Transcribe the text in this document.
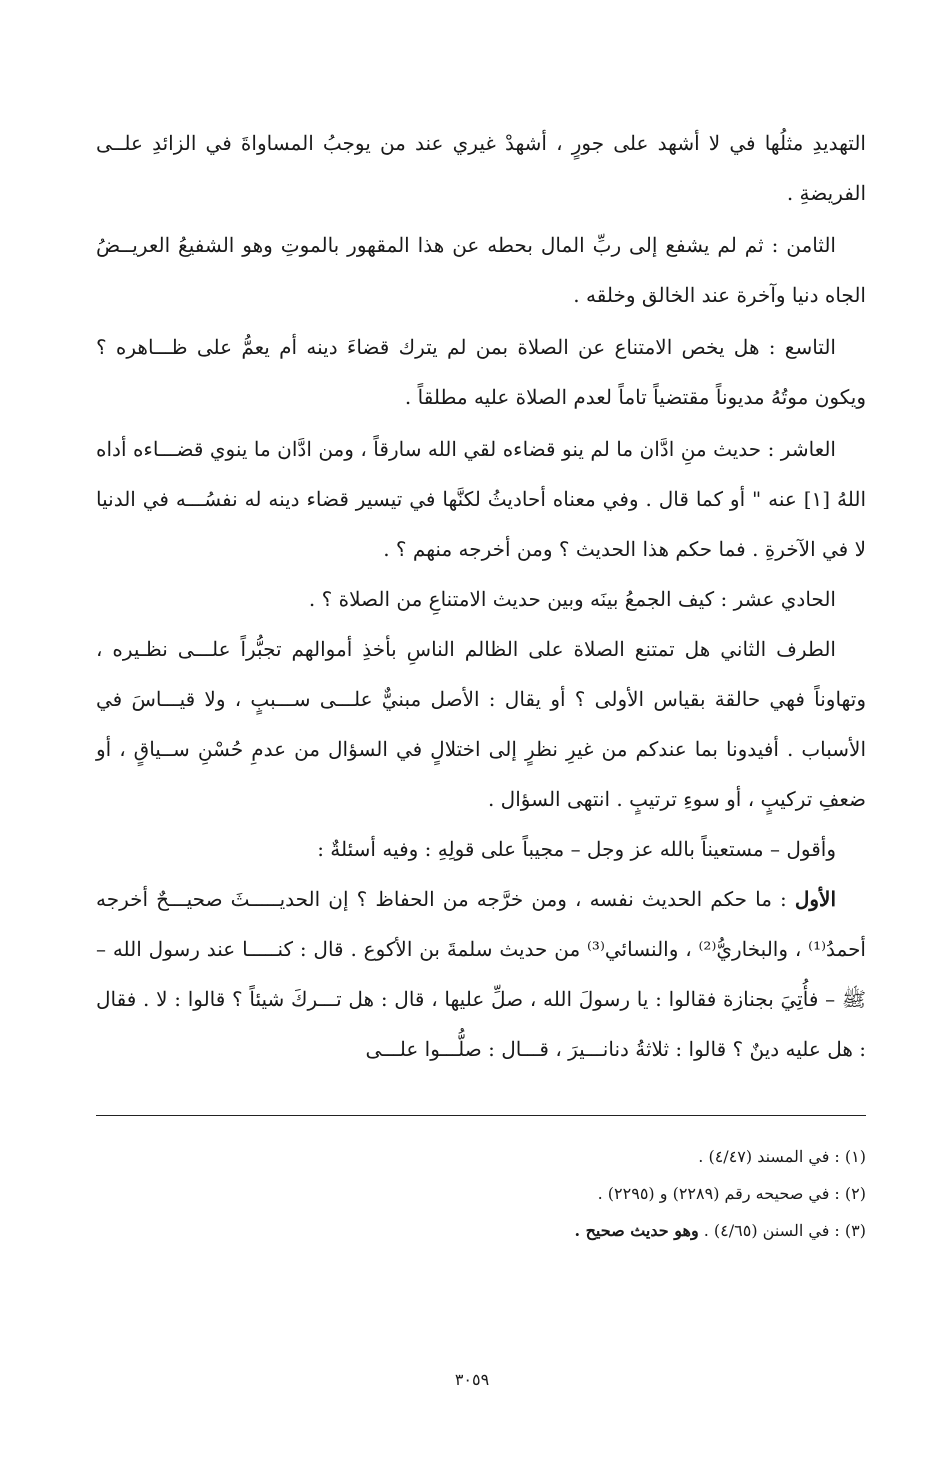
التهديدِ مثلُها في لا أشهد على جورٍ ، أشهدْ غيري عند من يوجبُ المساواةَ في الزائدِ علــى الفريضةِ .

الثامن : ثم لم يشفع إلى ربِّ المال بحطه عن هذا المقهور بالموتِ وهو الشفيعُ العريــضُ الجاه دنيا وآخرة عند الخالق وخلقه .

التاسع : هل يخص الامتناع عن الصلاة بمن لم يترك قضاءَ دينه أم يعمُّ على ظـــاهره ؟ ويكون موتُهُ مديوناً مقتضياً تاماً لعدم الصلاة عليه مطلقاً .

العاشر : حديث منِ ادَّان ما لم ينو قضاءه لقي الله سارقاً ، ومن ادَّان ما ينوي قضـــاءه أداه اللهُ [١] عنه " أو كما قال . وفي معناه أحاديثُ لكنَّها في تيسير قضاء دينه له نفسُـــه في الدنيا لا في الآخرةِ . فما حكم هذا الحديث ؟ ومن أخرجه منهم ؟ .

الحادي عشر : كيف الجمعُ بينَه وبين حديث الامتناعِ من الصلاة ؟ .

الطرف الثاني هل تمتنع الصلاة على الظالم الناسِ بأخذِ أموالهم تجبُّراً علـــى نظـيره ، وتهاوناً فهي حالقة بقياس الأولى ؟ أو يقال : الأصل مبنيٌّ علـــى ســـببٍ ، ولا قيـــاسَ في الأسباب . أفيدونا بما عندكم من غيرِ نظرٍ إلى اختلالٍ في السؤال من عدمِ حُسْنِ ســياقٍ ، أو ضعفِ تركيبٍ ، أو سوءِ ترتيبٍ . انتهى السؤال .

وأقول – مستعيناً بالله عز وجل – مجيباً على قولِهِ : وفيه أسئلةٌ :

الأول : ما حكم الحديث نفسه ، ومن خرَّجه من الحفاظ ؟ إن الحديـــــثَ صحيـــحٌ أخرجه أحمدُ⁽¹⁾ ، والبخاريُّ⁽²⁾ ، والنسائي⁽³⁾ من حديث سلمةَ بن الأكوع . قال : كنـــــا عند رسول الله – ﷺ – فأُتِيَ بجنازة فقالوا : يا رسولَ الله ، صلِّ عليها ، قال : هل تـــركَ شيئاً ؟ قالوا : لا . فقال : هل عليه دينٌ ؟ قالوا : ثلاثةُ دنانـــيرَ ، قـــال : صلُّـــوا علـــى

(١) : في المسند (٤/٤٧) .

(٢) : في صحيحه رقم (٢٢٨٩) و (٢٢٩٥) .

(٣) : في السنن (٤/٦٥) . وهو حديث صحيح .

٣٠٥٩
